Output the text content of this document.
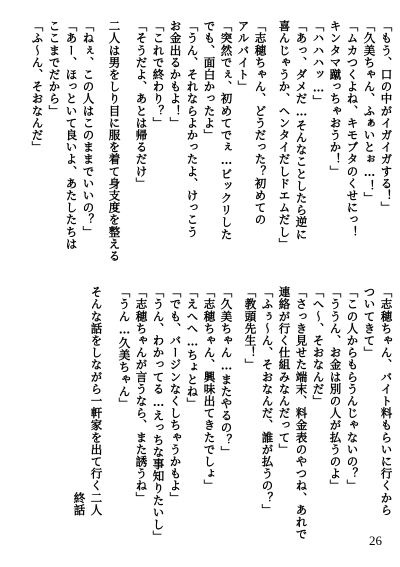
「もう、口の中がイガイガする！」
「久美ちゃん、ふぁいとぉ…！」
「ムカつくよね、キモブタのくせにっ！
キンタマ蹴っちゃおうか！」
「ハハハッ…」
「あっ、ダメだ…そんなことしたら逆に
喜んじゃうか、ヘンタイだしドエムだし」
「志穂ちゃん、どうだった？初めての
アルバイト」
「突然でぇ、初めてでぇ…ビックリした
でも、面白かったよ」
「うん、それならよかったよ、けっこう
お金出るかもよ！」
「これで終わり？」
「そうだよ、あとは帰るだけ」
二人は男をしり目に服を着て身支度を整える
「ねぇ、この人はこのままでいいの？」
「あー、ほっといて良いよ、あたしたちは
ここまでだから」
「ふ～ん、そおなんだ」
「志穂ちゃん、バイト料もらいに行くから
ついてきて」
「この人からもらうんじゃないの？」
「ううん、お金は別の人が払うのよ」
「へ～、そおなんだ」
「さっき見せた端末、料金表のやつね、あれで
連絡が行く仕組みなんだって」
「ふぅ～ん、そおなんだ、誰が払うの？」
「教頭先生！」
「久美ちゃん…またやるの？」
「志穂ちゃん、興味出てきたでしょ」
「えへへ…ちょとね」
「でも、バージンなくしちゃうかもよ」
「うん、わかってる…えっちな事知りたいし」
「志穂ちゃんが言うなら、また誘うね」
「うん…久美ちゃん」
そんな話をしながら一軒家を出て行く二人
終話
26
